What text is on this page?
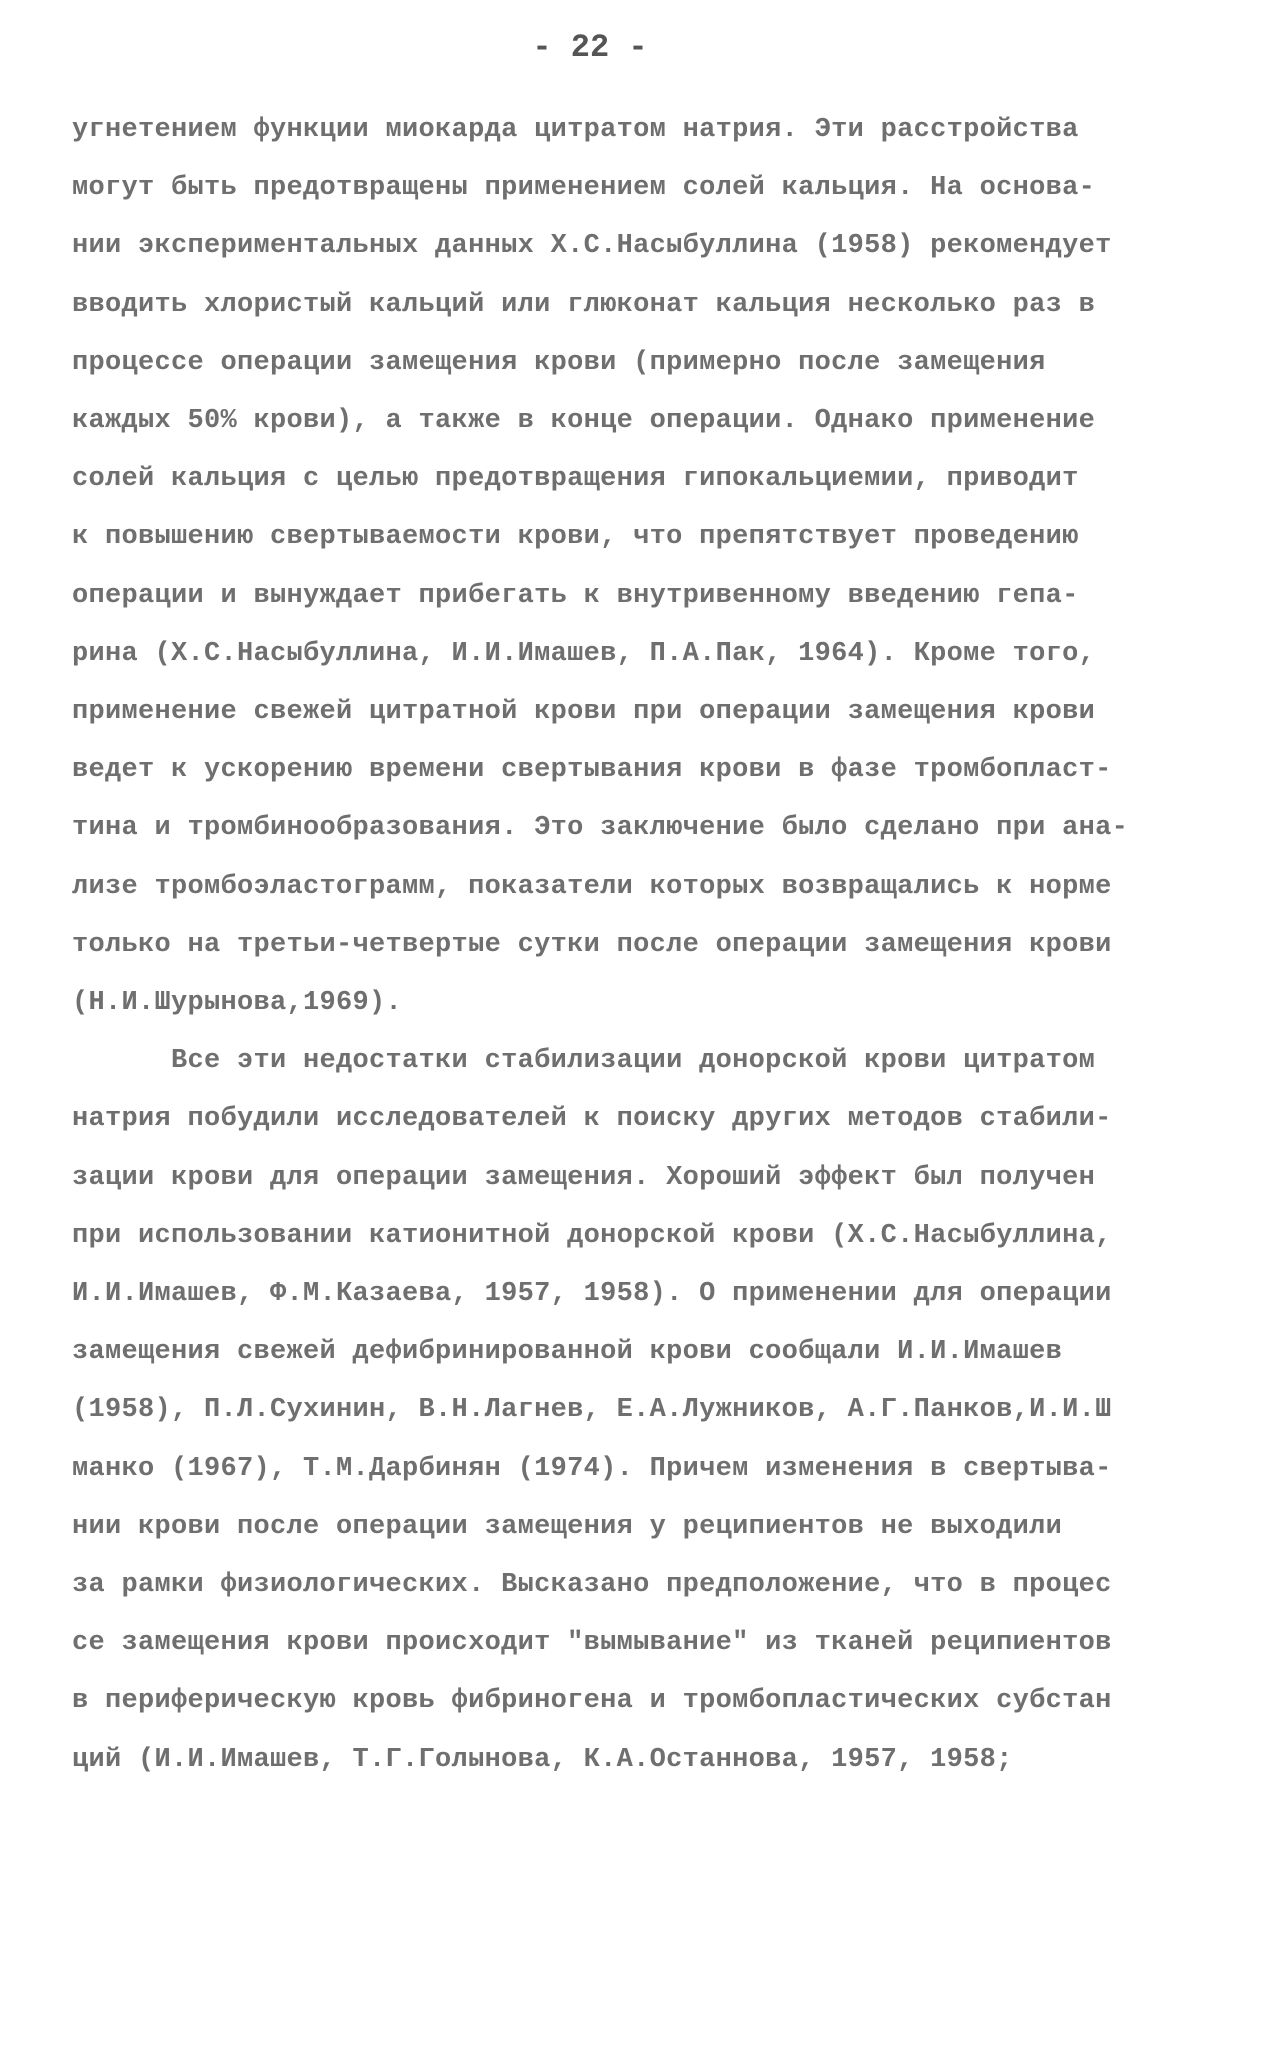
- 22 -
угнетением функции миокарда цитратом натрия. Эти расстройства
могут быть предотвращены применением солей кальция. На основа-
нии экспериментальных данных Х.С.Насыбуллина (1958) рекомендует
вводить хлористый кальций или глюконат кальция несколько раз в
процессе операции замещения крови (примерно после замещения
каждых 50% крови), а также в конце операции. Однако применение
солей кальция с целью предотвращения гипокальциемии, приводит
к повышению свертываемости крови, что препятствует проведению
операции и вынуждает прибегать к внутривенному введению гепа-
рина (Х.С.Насыбуллина, И.И.Имашев, П.А.Пак, 1964). Кроме того,
применение свежей цитратной крови при операции замещения крови
ведет к ускорению времени свертывания крови в фазе тромбопласт-
тина и тромбинообразования. Это заключение было сделано при ана-
лизе тромбоэластограмм, показатели которых возвращались к норме
только на третьи-четвертые сутки после операции замещения крови
(Н.И.Шурынова,1969).
Все эти недостатки стабилизации донорской крови цитратом
натрия побудили исследователей к поиску других методов стабили-
зации крови для операции замещения. Хороший эффект был получен
при использовании катионитной донорской крови (Х.С.Насыбуллина,
И.И.Имашев, Ф.М.Казаева, 1957, 1958). О применении для операции
замещения свежей дефибринированной крови сообщали И.И.Имашев
(1958), П.Л.Сухинин, В.Н.Лагнев, Е.А.Лужников, А.Г.Панков,И.И.Ш
манко (1967), Т.М.Дарбинян (1974). Причем изменения в свертыва-
нии крови после операции замещения у реципиентов не выходили
за рамки физиологических. Высказано предположение, что в процес
се замещения крови происходит "вымывание" из тканей реципиентов
в периферическую кровь фибриногена и тромбопластических субстан
ций (И.И.Имашев, Т.Г.Голынова, К.А.Останнова, 1957, 1958;
